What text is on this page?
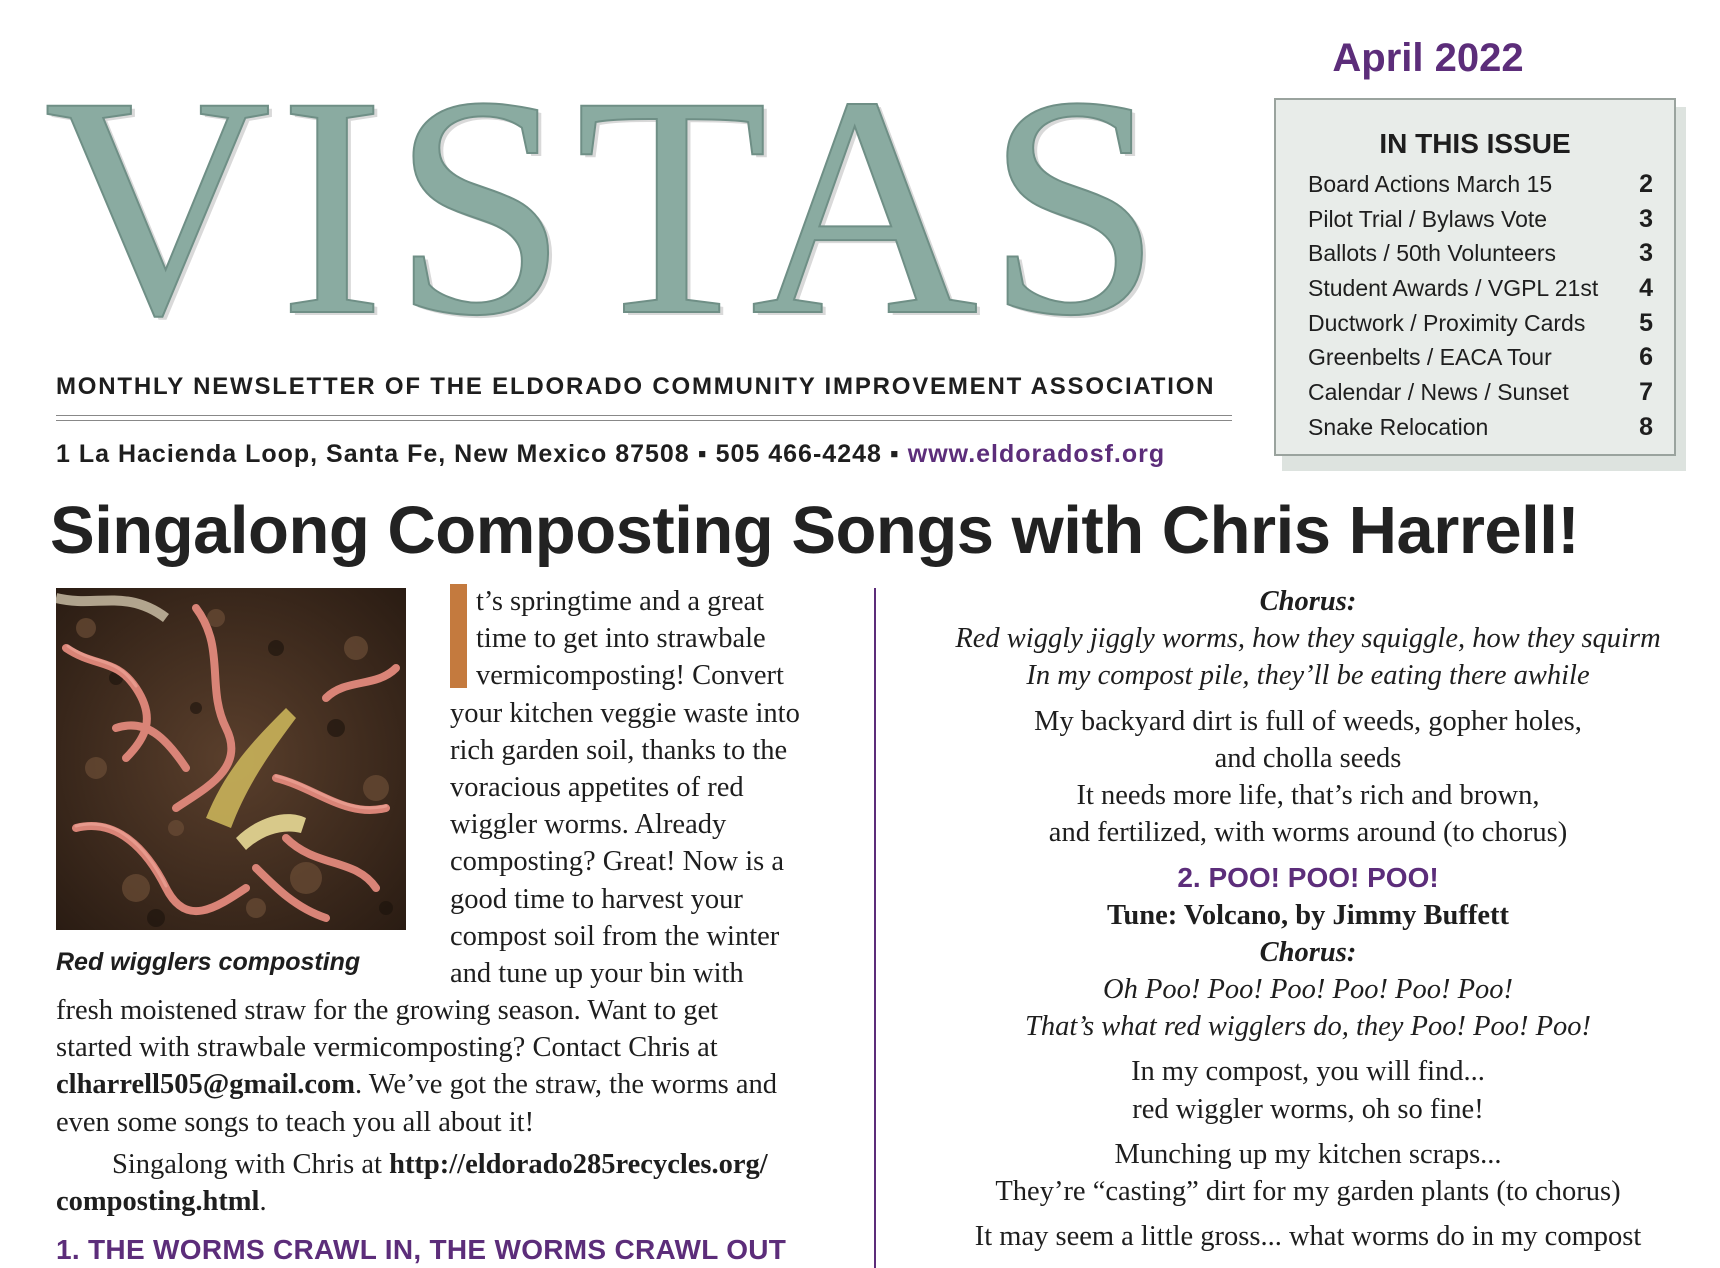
VISTAS	April 2022
MONTHLY NEWSLETTER OF THE ELDORADO COMMUNITY IMPROVEMENT ASSOCIATION
1 La Hacienda Loop, Santa Fe, New Mexico 87508 ▪ 505 466-4248 ▪ www.eldoradosf.org
IN THIS ISSUE
Board Actions March 15	2
Pilot Trial / Bylaws Vote	3
Ballots / 50th Volunteers	3
Student Awards / VGPL 21st 4
Ductwork / Proximity Cards 5
Greenbelts / EACA Tour	6
Calendar / News / Sunset	7
Snake Relocation	8
Singalong Composting Songs with Chris Harrell!
Red wigglers composting
t’s springtime and a great
time to get into strawbale
vermicomposting! Convert
your kitchen veggie waste into
rich garden soil, thanks to the
voracious appetites of red
wiggler worms. Already
composting? Great! Now is a
good time to harvest your
compost soil from the winter
and tune up your bin with
fresh moistened straw for the growing season. Want to get
started with strawbale vermicomposting? Contact Chris at
clharrell505@gmail.com. We’ve got the straw, the worms and
even some songs to teach you all about it!
Singalong with Chris at http://eldorado285recycles.org/
composting.html.
1. THE WORMS CRAWL IN, THE WORMS CRAWL OUT
Chorus:
Red wiggly jiggly worms, how they squiggle, how they squirm
In my compost pile, they’ll be eating there awhile
My backyard dirt is full of weeds, gopher holes,
and cholla seeds
It needs more life, that’s rich and brown,
and fertilized, with worms around (to chorus)
2. POO! POO! POO!
Tune: Volcano, by Jimmy Buffett
Chorus:
Oh Poo! Poo! Poo! Poo! Poo! Poo!
That’s what red wigglers do, they Poo! Poo! Poo!
In my compost, you will find...
red wiggler worms, oh so fine!
Munching up my kitchen scraps...
They’re “casting” dirt for my garden plants (to chorus)
It may seem a little gross... what worms do in my compost
